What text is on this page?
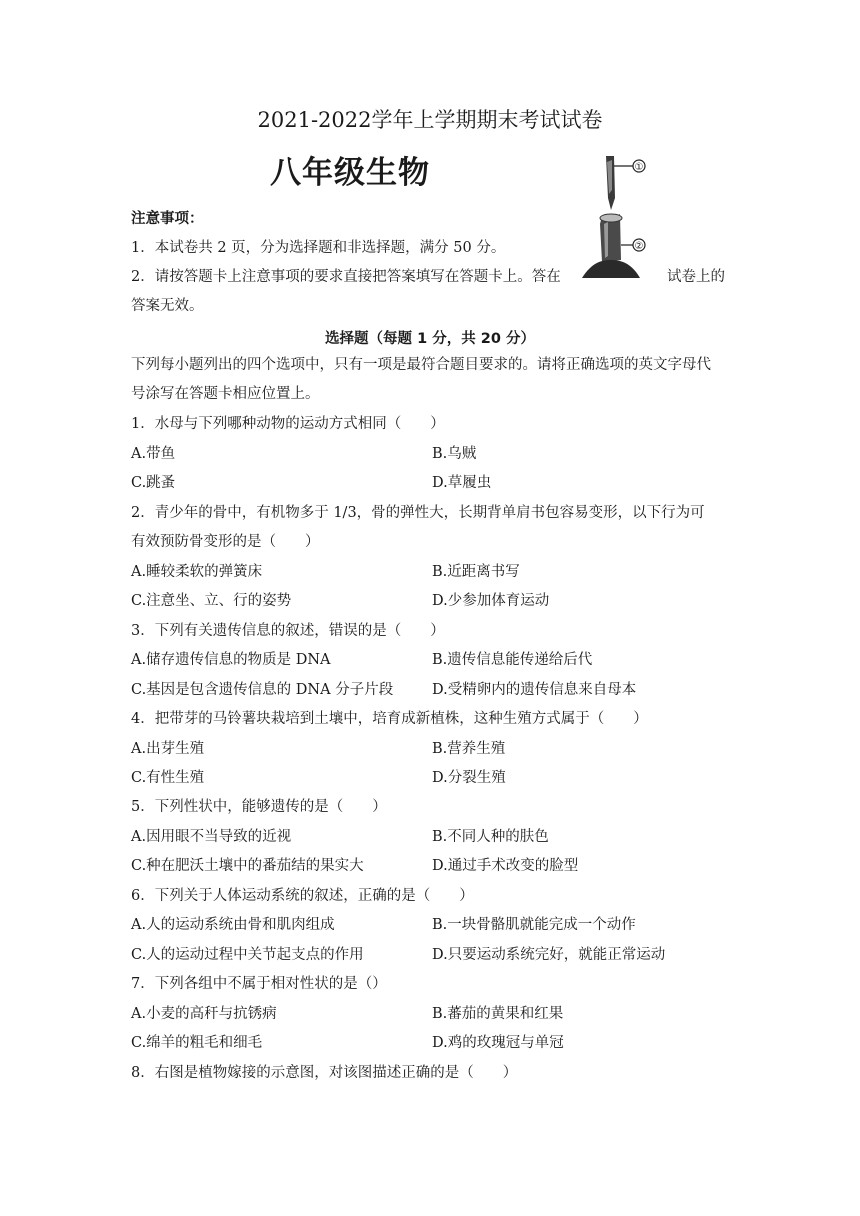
2021-2022学年上学期期末考试试卷
八年级生物	①
②
注意事项：
1．本试卷共 2 页，分为选择题和非选择题，满分 50 分。
2．请按答题卡上注意事项的要求直接把答案填写在答题卡上。答在	试卷上的
答案无效。
选择题（每题 1 分，共 20 分）
下列每小题列出的四个选项中，只有一项是最符合题目要求的。请将正确选项的英文字母代
号涂写在答题卡相应位置上。
1．水母与下列哪种动物的运动方式相同（　　）
A.带鱼	B.乌贼
C.跳蚤	D.草履虫
2．青少年的骨中，有机物多于 1/3，骨的弹性大，长期背单肩书包容易变形，以下行为可
有效预防骨变形的是（　　）
A.睡较柔软的弹簧床	B.近距离书写
C.注意坐、立、行的姿势	D.少参加体育运动
3．下列有关遗传信息的叙述，错误的是（　　）
A.储存遗传信息的物质是 DNA	B.遗传信息能传递给后代
C.基因是包含遗传信息的 DNA 分子片段	D.受精卵内的遗传信息来自母本
4．把带芽的马铃薯块栽培到土壤中，培育成新植株，这种生殖方式属于（　　）
A.出芽生殖	B.营养生殖
C.有性生殖	D.分裂生殖
5．下列性状中，能够遗传的是（　　）
A.因用眼不当导致的近视	B.不同人种的肤色
C.种在肥沃土壤中的番茄结的果实大	D.通过手术改变的脸型
6．下列关于人体运动系统的叙述，正确的是（　　）
A.人的运动系统由骨和肌肉组成	B.一块骨骼肌就能完成一个动作
C.人的运动过程中关节起支点的作用	D.只要运动系统完好，就能正常运动
7．下列各组中不属于相对性状的是（）
A.小麦的高秆与抗锈病	B.蕃茄的黄果和红果
C.绵羊的粗毛和细毛	D.鸡的玫瑰冠与单冠
8．右图是植物嫁接的示意图，对该图描述正确的是（　　）
